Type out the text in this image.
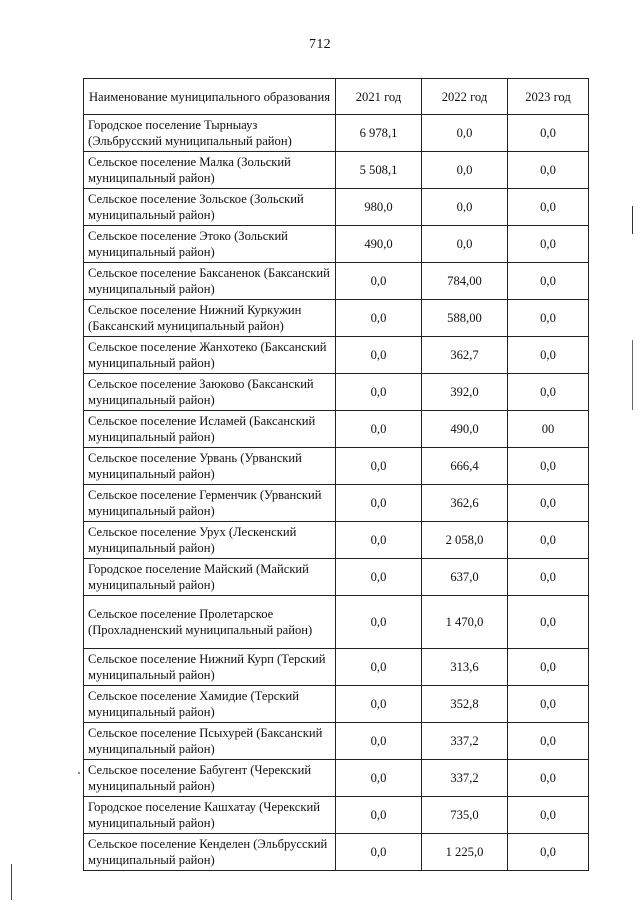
712
Наименование муниципального образования	2021 год	2022 год	2023 год
Городское поселение Тырныауз (Эльбрусский муниципальный район)	6 978,1	0,0	0,0
Сельское поселение Малка (Зольский муниципальный район)	5 508,1	0,0	0,0
Сельское поселение Зольское (Зольский муниципальный район)	980,0	0,0	0,0
Сельское поселение Этоко (Зольский муниципальный район)	490,0	0,0	0,0
Сельское поселение Баксаненок (Баксанский муниципальный район)	0,0	784,00	0,0
Сельское поселение Нижний Куркужин (Баксанский муниципальный район)	0,0	588,00	0,0
Сельское поселение Жанхотеко (Баксанский муниципальный район)	0,0	362,7	0,0
Сельское поселение Заюково (Баксанский муниципальный район)	0,0	392,0	0,0
Сельское поселение Исламей (Баксанский муниципальный район)	0,0	490,0	00
Сельское поселение Урвань (Урванский муниципальный район)	0,0	666,4	0,0
Сельское поселение Герменчик (Урванский муниципальный район)	0,0	362,6	0,0
Сельское поселение Урух (Лескенский муниципальный район)	0,0	2 058,0	0,0
Городское поселение Майский (Майский муниципальный район)	0,0	637,0	0,0
Сельское поселение Пролетарское (Прохладненский муниципальный район)	0,0	1 470,0	0,0
Сельское поселение Нижний Курп (Терский муниципальный район)	0,0	313,6	0,0
Сельское поселение Хамидие (Терский муниципальный район)	0,0	352,8	0,0
Сельское поселение Псыхурей (Баксанский муниципальный район)	0,0	337,2	0,0
Сельское поселение Бабугент (Черекский муниципальный район)	0,0	337,2	0,0
Городское поселение Кашхатау (Черекский муниципальный район)	0,0	735,0	0,0
Сельское поселение Кенделен (Эльбрусский муниципальный район)	0,0	1 225,0	0,0
